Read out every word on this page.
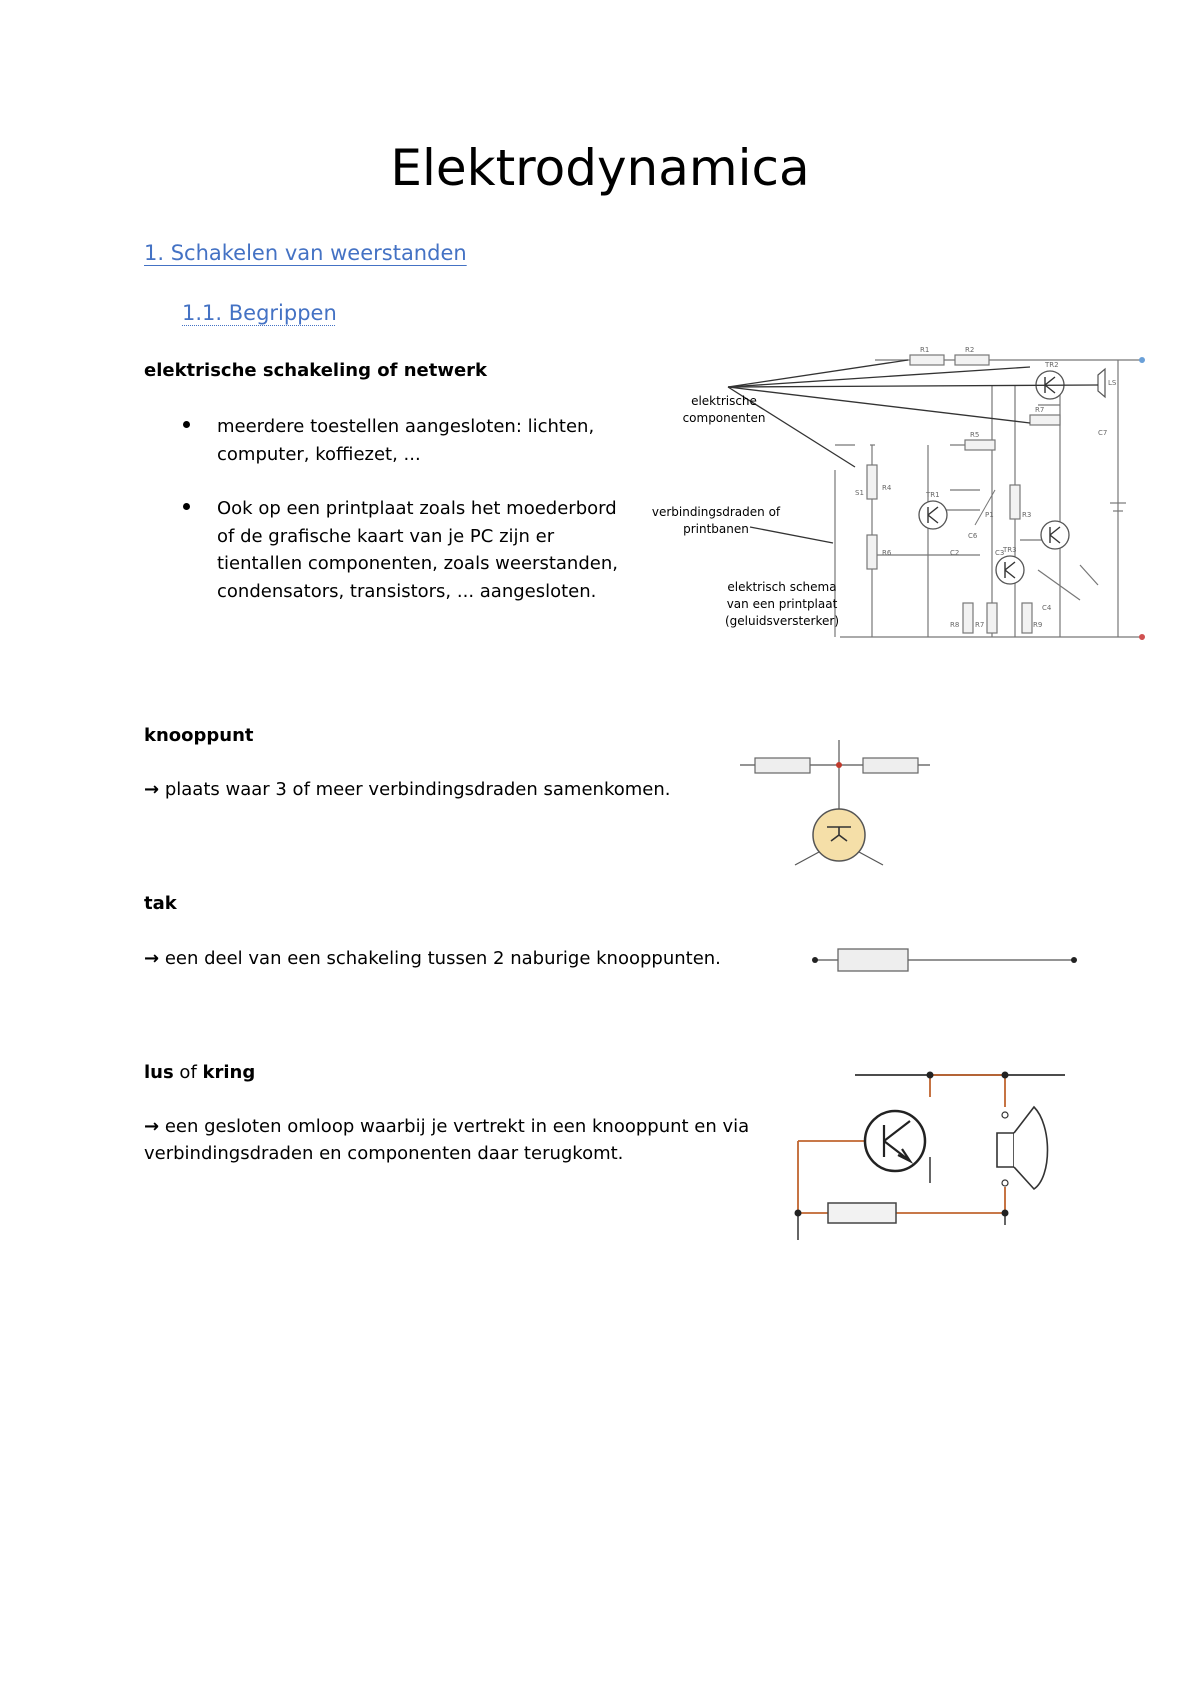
Elektrodynamica
1. Schakelen van weerstanden
1.1. Begrippen
elektrische schakeling of netwerk
meerdere toestellen aangesloten: lichten,
computer, koffiezet, ...
Ook op een printplaat zoals het moederbord
of de grafische kaart van je PC zijn er
tientallen componenten, zoals weerstanden,
condensators, transistors, ... aangesloten.
R1	R2
TR2
R7
C7
R4
P1
C6
R5
TR1
R6
R3
C3
C2	TR3
R8 R7	R9
C4
S1
LS
elektrische
componenten
verbindingsdraden of
printbanen
elektrisch schema
van een printplaat
(geluidsversterker)
knooppunt
→ plaats waar 3 of meer verbindingsdraden samenkomen.
tak
→ een deel van een schakeling tussen 2 naburige knooppunten.
lus of kring
→ een gesloten omloop waarbij je vertrekt in een knooppunt en via
verbindingsdraden en componenten daar terugkomt.
